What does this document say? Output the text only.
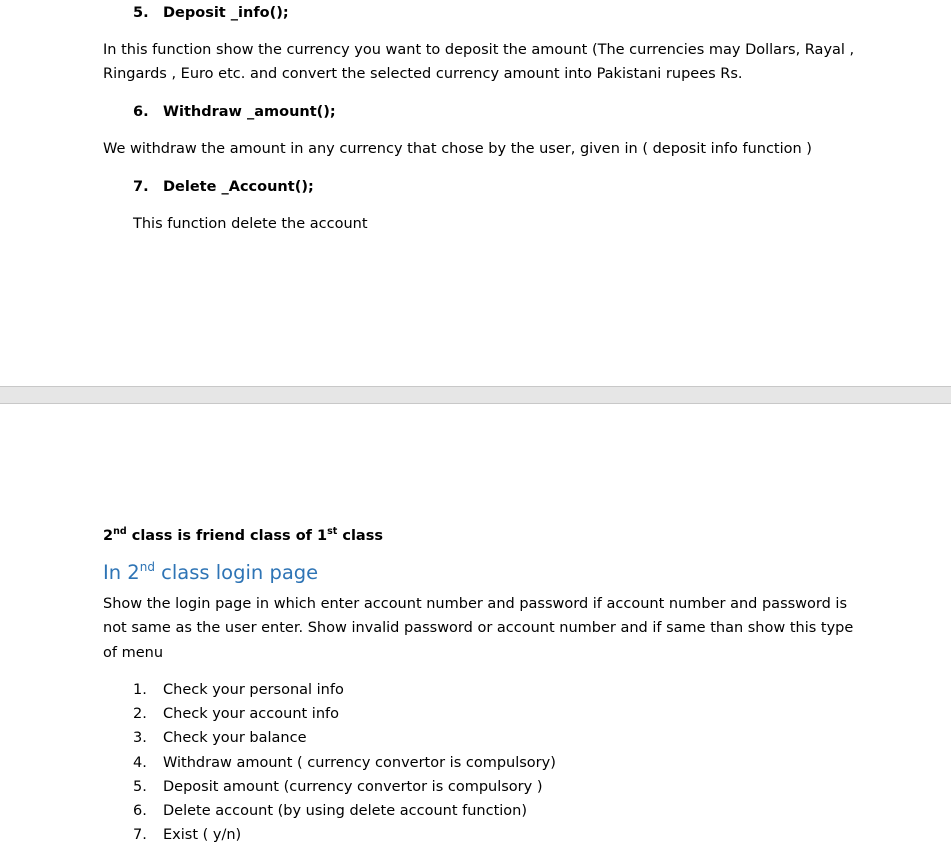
5. Deposit _info();
In this function show the currency you want to deposit the amount (The currencies may Dollars, Rayal ,
Ringards , Euro etc. and convert the selected currency amount into Pakistani rupees Rs.
6. Withdraw _amount();
We withdraw the amount in any currency that chose by the user, given in ( deposit info function )
7. Delete _Account();
This function delete the account
2nd class is friend class of 1st class
In 2nd class login page
Show the login page in which enter account number and password if account number and password is
not same as the user enter. Show invalid password or account number and if same than show this type
of menu
1. Check your personal info
2. Check your account info
3. Check your balance
4. Withdraw amount ( currency convertor is compulsory)
5. Deposit amount (currency convertor is compulsory )
6. Delete account (by using delete account function)
7. Exist ( y/n)
